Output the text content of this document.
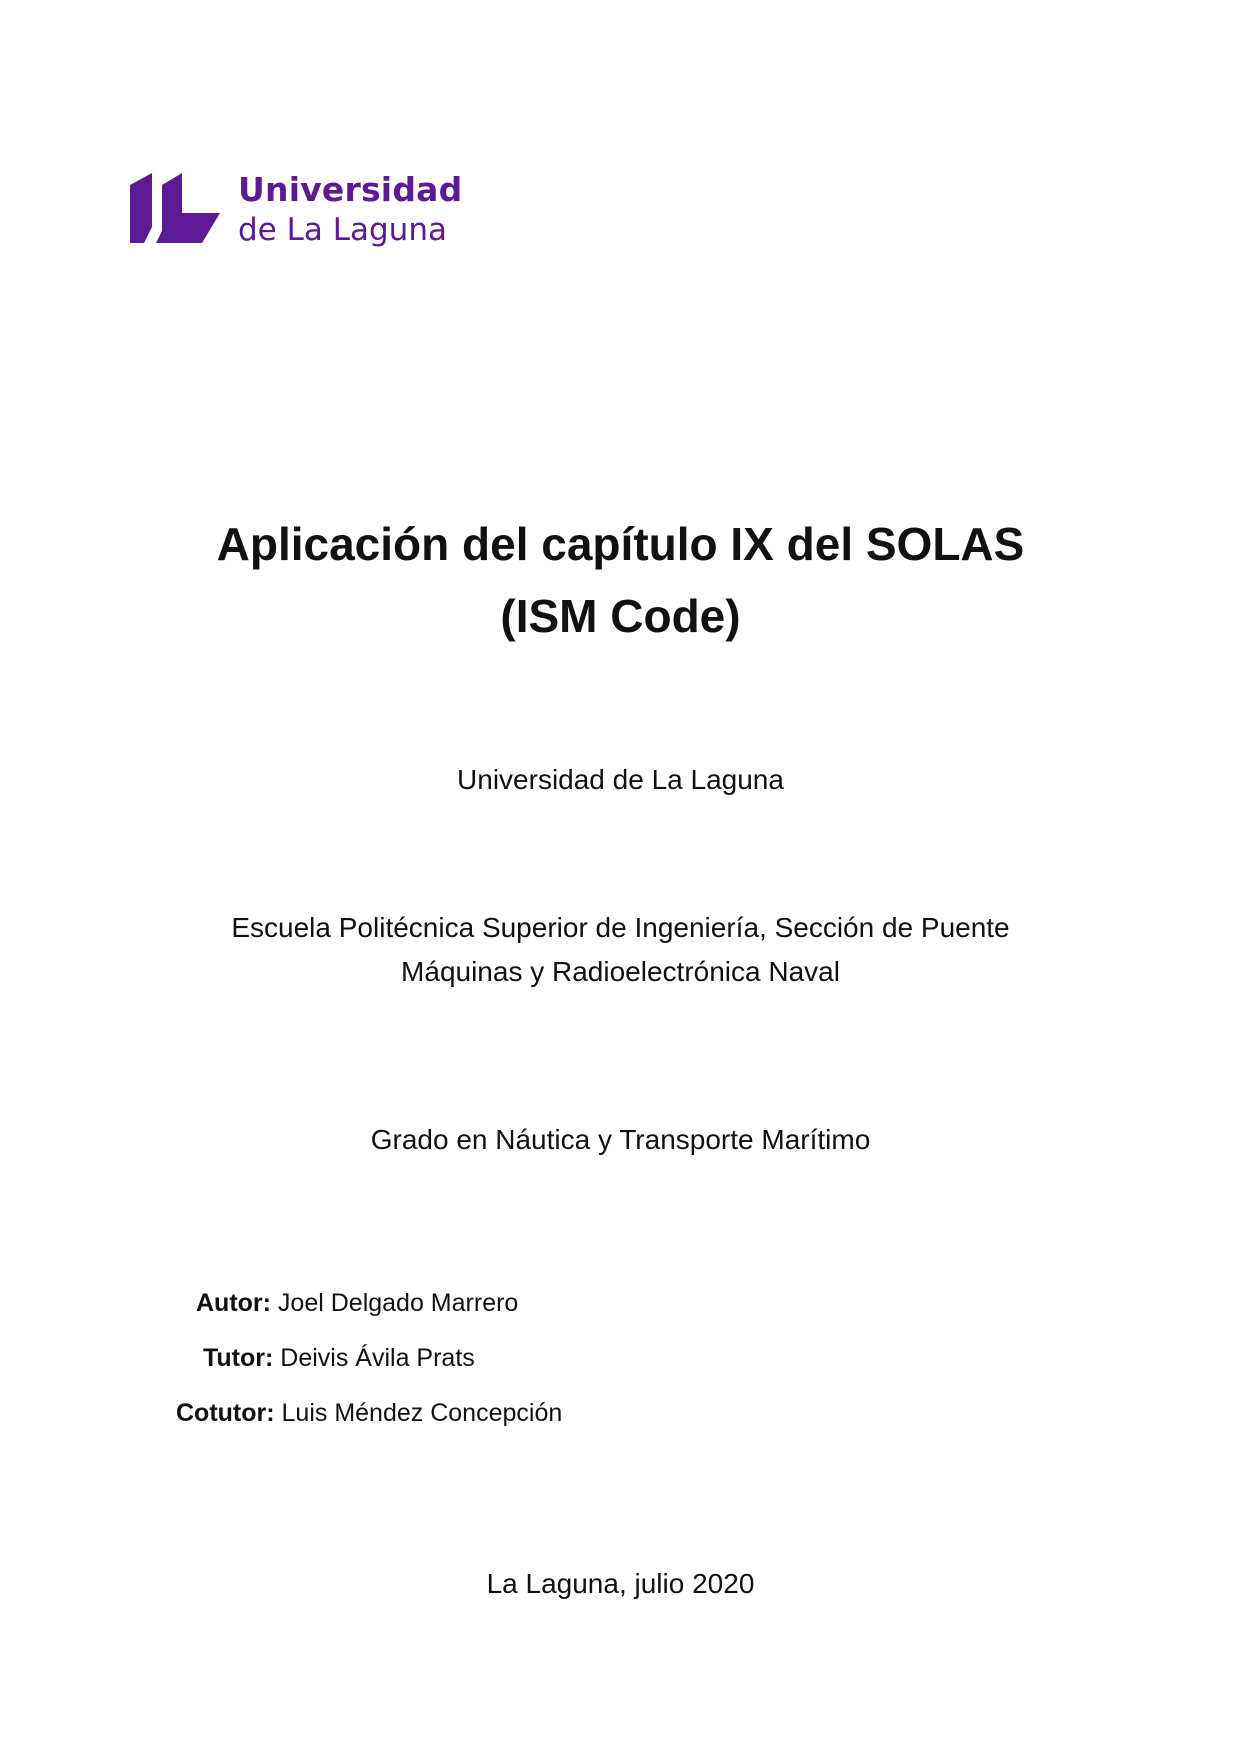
Universidad
de La Laguna
Aplicación del capítulo IX del SOLAS
(ISM Code)
Universidad de La Laguna
Escuela Politécnica Superior de Ingeniería, Sección de Puente
Máquinas y Radioelectrónica Naval
Grado en Náutica y Transporte Marítimo
Autor: Joel Delgado Marrero
Tutor: Deivis Ávila Prats
Cotutor: Luis Méndez Concepción
La Laguna, julio 2020
